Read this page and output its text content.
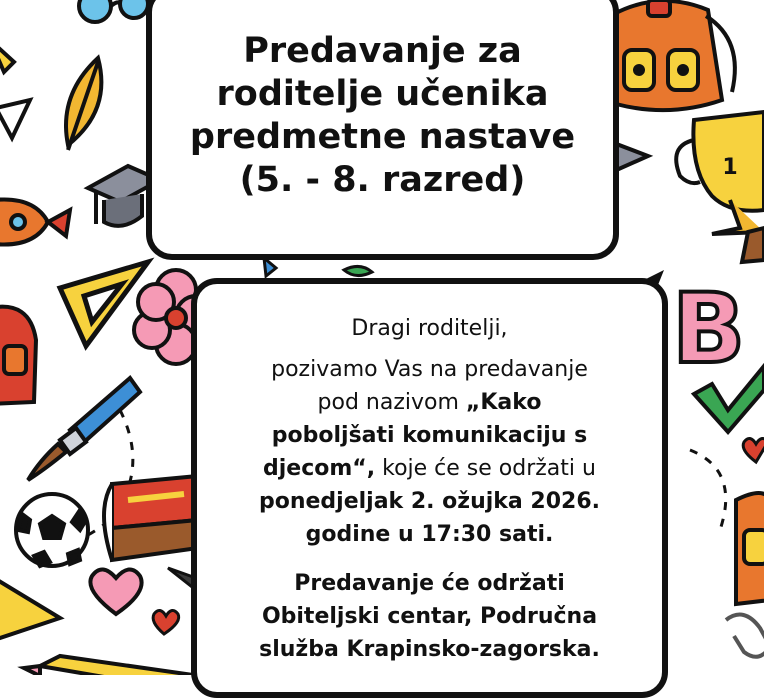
1
B
Predavanje za
roditelje učenika
predmetne nastave
(5. - 8. razred)

Dragi roditelji,

pozivamo Vas na predavanje

pod nazivom „Kako

poboljšati komunikaciju s

djecom“, koje će se održati u

ponedjeljak 2. ožujka 2026.

godine u 17:30 sati.

Predavanje će održati

Obiteljski centar, Područna

služba Krapinsko-zagorska.
